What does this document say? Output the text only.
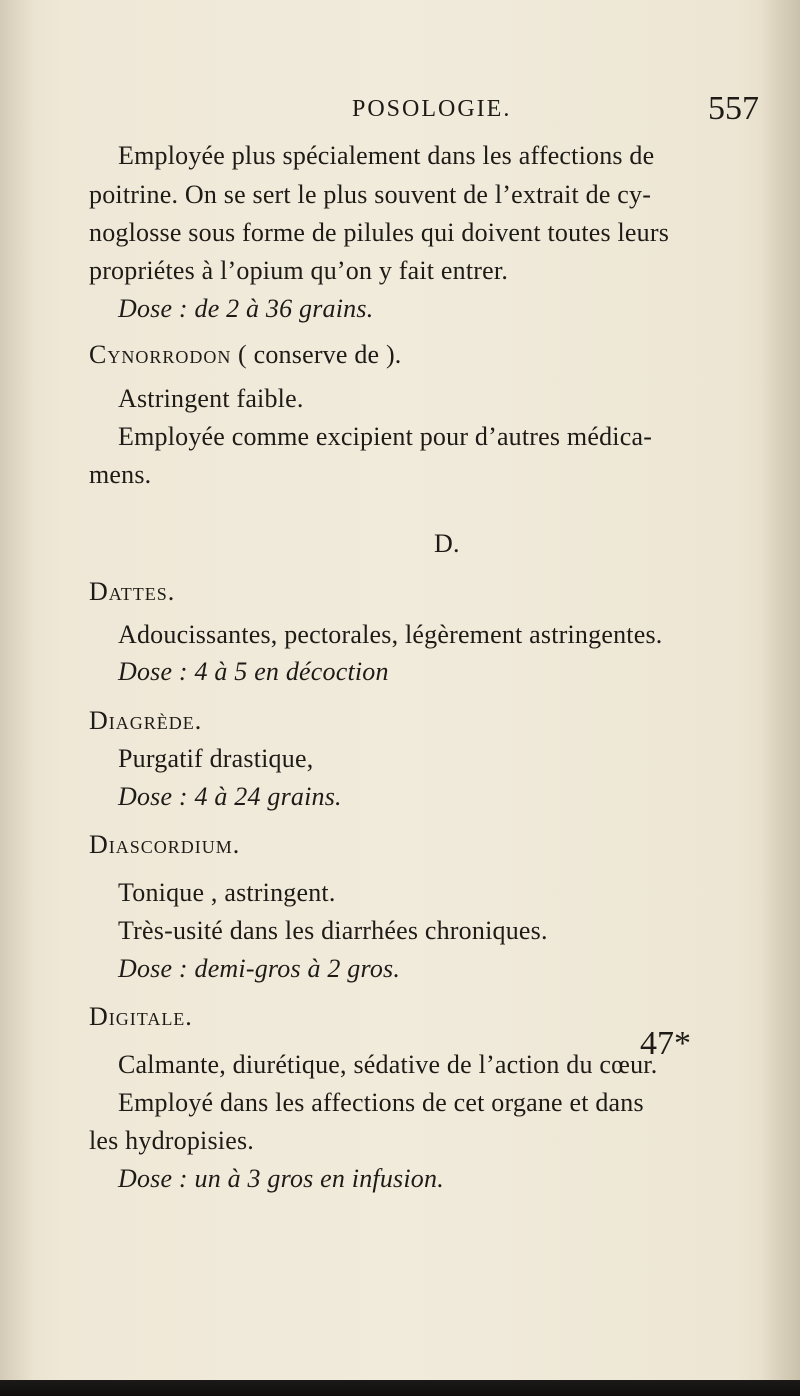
POSOLOGIE.	557
Employée plus spécialement dans les affections de
poitrine. On se sert le plus souvent de l’extrait de cy-
noglosse sous forme de pilules qui doivent toutes leurs
propriétes à l’opium qu’on y fait entrer.
Dose : de 2 à 36 grains.
Cynorrodon ( conserve de ).
Astringent faible.
Employée comme excipient pour d’autres médica-
mens.
D.
Dattes.
Adoucissantes, pectorales, légèrement astringentes.
Dose : 4 à 5 en décoction
Diagrède.
Purgatif drastique,
Dose : 4 à 24 grains.
Diascordium.
Tonique , astringent.
Très-usité dans les diarrhées chroniques.
Dose : demi-gros à 2 gros.
Digitale.
Calmante, diurétique, sédative de l’action du cœur.
Employé dans les affections de cet organe et dans
les hydropisies.
Dose : un à 3 gros en infusion.
47*
